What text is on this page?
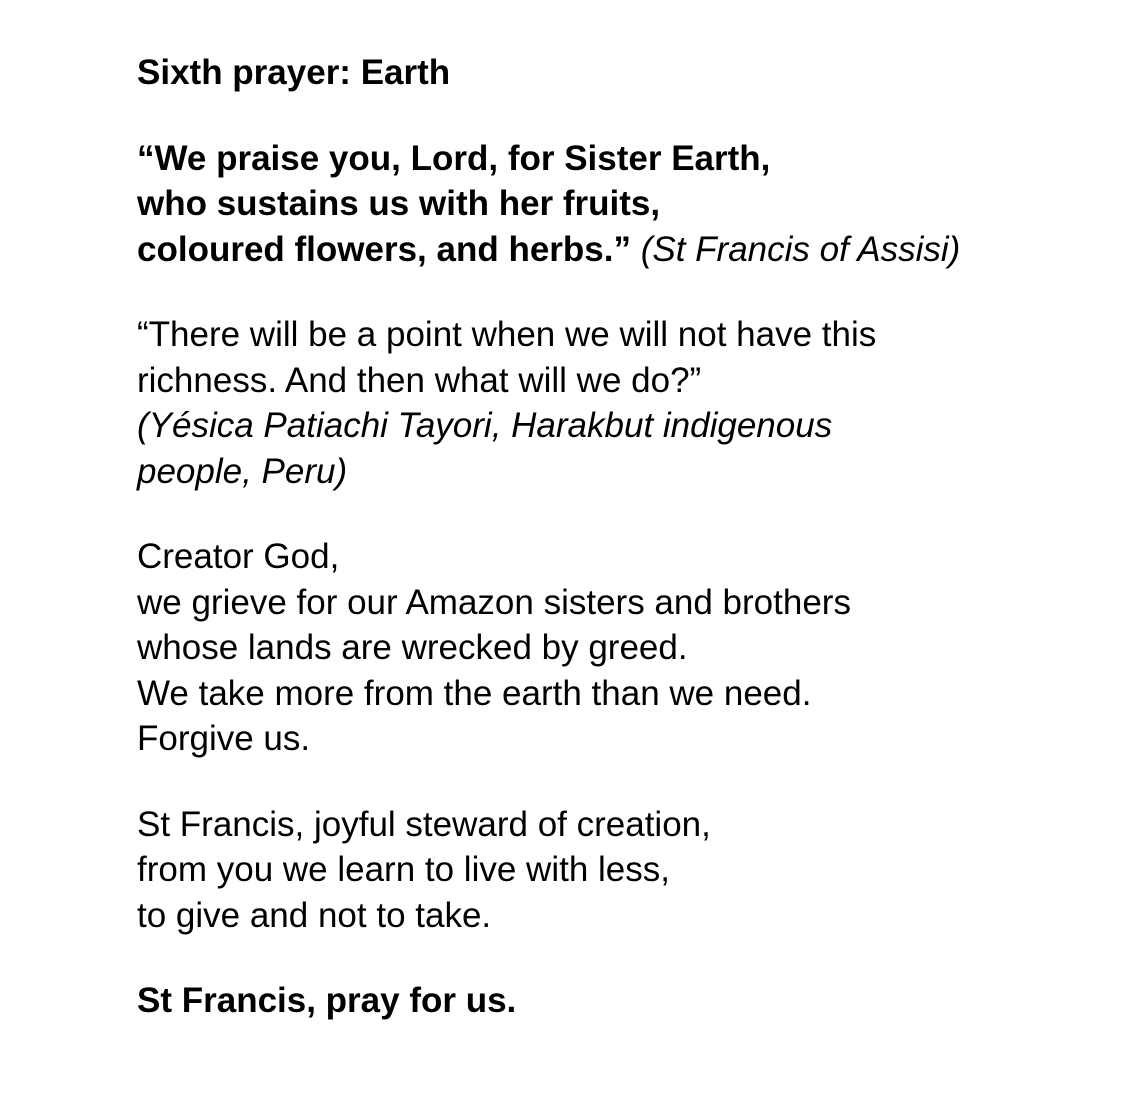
Sixth prayer: Earth
“We praise you, Lord, for Sister Earth,
who sustains us with her fruits,
coloured flowers, and herbs.” (St Francis of Assisi)
“There will be a point when we will not have this
richness. And then what will we do?”
(Yésica Patiachi Tayori, Harakbut indigenous
people, Peru)
Creator God,
we grieve for our Amazon sisters and brothers
whose lands are wrecked by greed.
We take more from the earth than we need.
Forgive us.
St Francis, joyful steward of creation,
from you we learn to live with less,
to give and not to take.
St Francis, pray for us.
